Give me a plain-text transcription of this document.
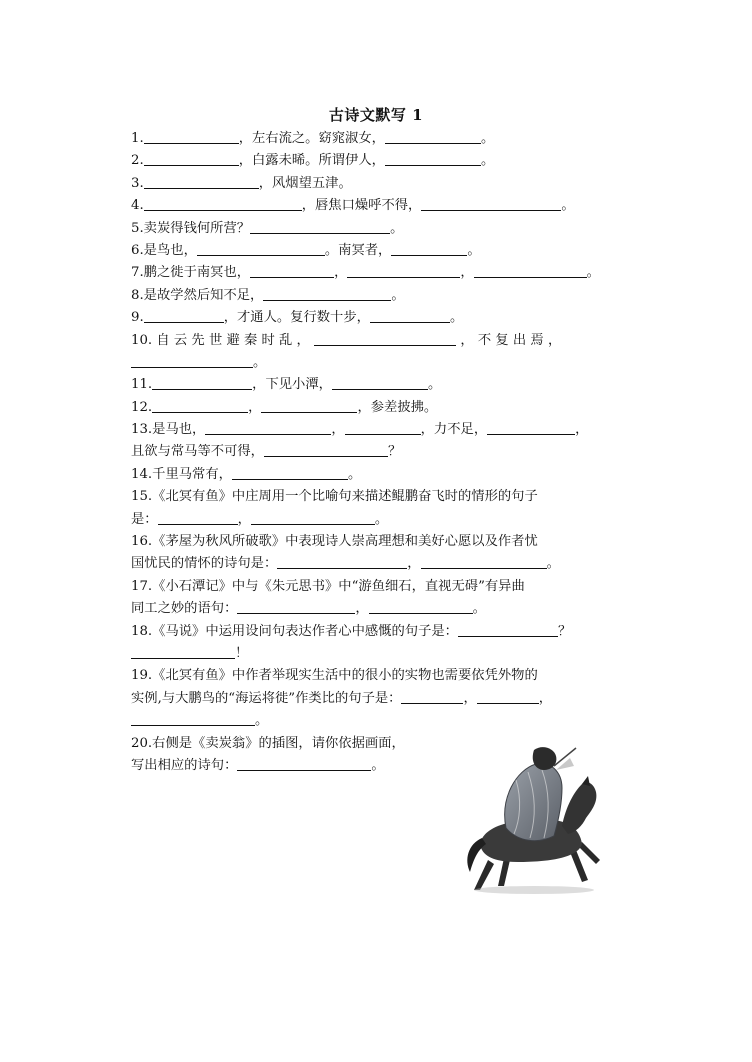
古诗文默写 1
1.	，左右流之。窈窕淑女，	。
2.	，白露未晞。所谓伊人，	。
3.	，风烟望五津。
4.	，唇焦口燥呼不得，	。
5.卖炭得钱何所营？	。
6.是鸟也，	。南冥者，	。
7.鹏之徙于南冥也，	，	，	。
8.是故学然后知不足，	。
9.	，才通人。复行数十步，	。
10. 自 云 先 世 避 秦 时 乱 ，	， 不 复 出 焉 ，
。
11.	，下见小潭，	。
12.	，	，参差披拂。
13.是马也，	，	，力不足，	，
且欲与常马等不可得，	？
14.千里马常有，	。
15.《北冥有鱼》中庄周用一个比喻句来描述鲲鹏奋飞时的情形的句子
是：	，	。
16.《茅屋为秋风所破歌》中表现诗人崇高理想和美好心愿以及作者忧
国忧民的情怀的诗句是：	，	。
17.《小石潭记》中与《朱元思书》中“游鱼细石，直视无碍”有异曲
同工之妙的语句：	，	。
18.《马说》中运用设问句表达作者心中感慨的句子是：	？
！
19.《北冥有鱼》中作者举现实生活中的很小的实物也需要依凭外物的
实例,与大鹏鸟的“海运将徙”作类比的句子是：	，	，
。
20.右侧是《卖炭翁》的插图，请你依据画面，
写出相应的诗句：	。
